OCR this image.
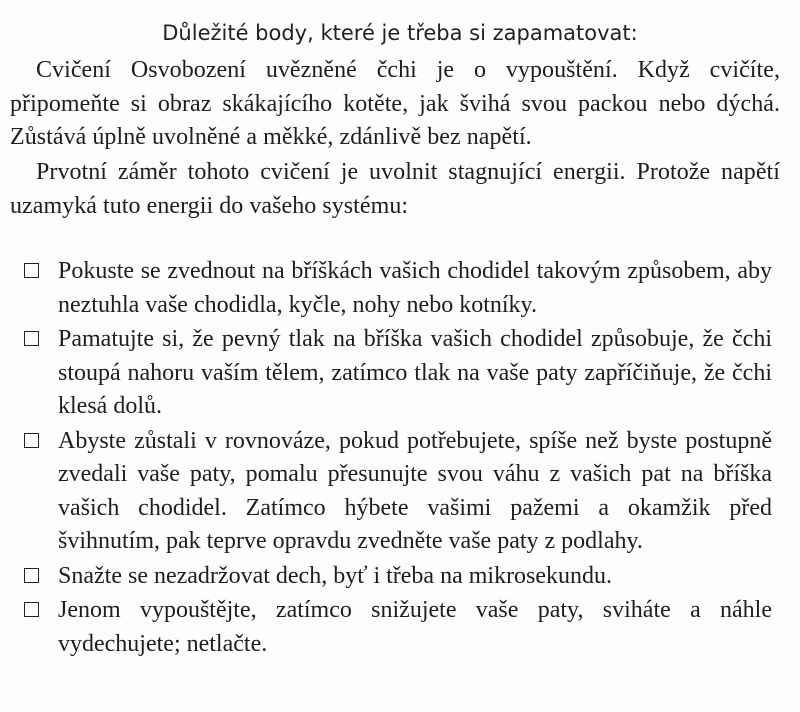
Důležité body, které je třeba si zapamatovat:

Cvičení Osvobození uvězněné čchi je o vypouštění. Když cvičíte, připomeňte si obraz skákajícího kotěte, jak švihá svou packou nebo dýchá. Zůstává úplně uvolněné a měkké, zdánlivě bez napětí.

Prvotní záměr tohoto cvičení je uvolnit stagnující energii. Protože napětí uzamyká tuto energii do vašeho systému:

Pokuste se zvednout na bříškách vašich chodidel takovým způsobem, aby neztuhla vaše chodidla, kyčle, nohy nebo kotníky.
Pamatujte si, že pevný tlak na bříška vašich chodidel způsobuje, že čchi stoupá nahoru vaším tělem, zatímco tlak na vaše paty zapříčiňuje, že čchi klesá dolů.
Abyste zůstali v rovnováze, pokud potřebujete, spíše než byste postupně zvedali vaše paty, pomalu přesunujte svou váhu z vašich pat na bříška vašich chodidel. Zatímco hýbete vašimi pažemi a okamžik před švihnutím, pak teprve opravdu zvedněte vaše paty z podlahy.
Snažte se nezadržovat dech, byť i třeba na mikrosekundu.
Jenom vypouštějte, zatímco snižujete vaše paty, sviháte a náhle vydechujete; netlačte.
